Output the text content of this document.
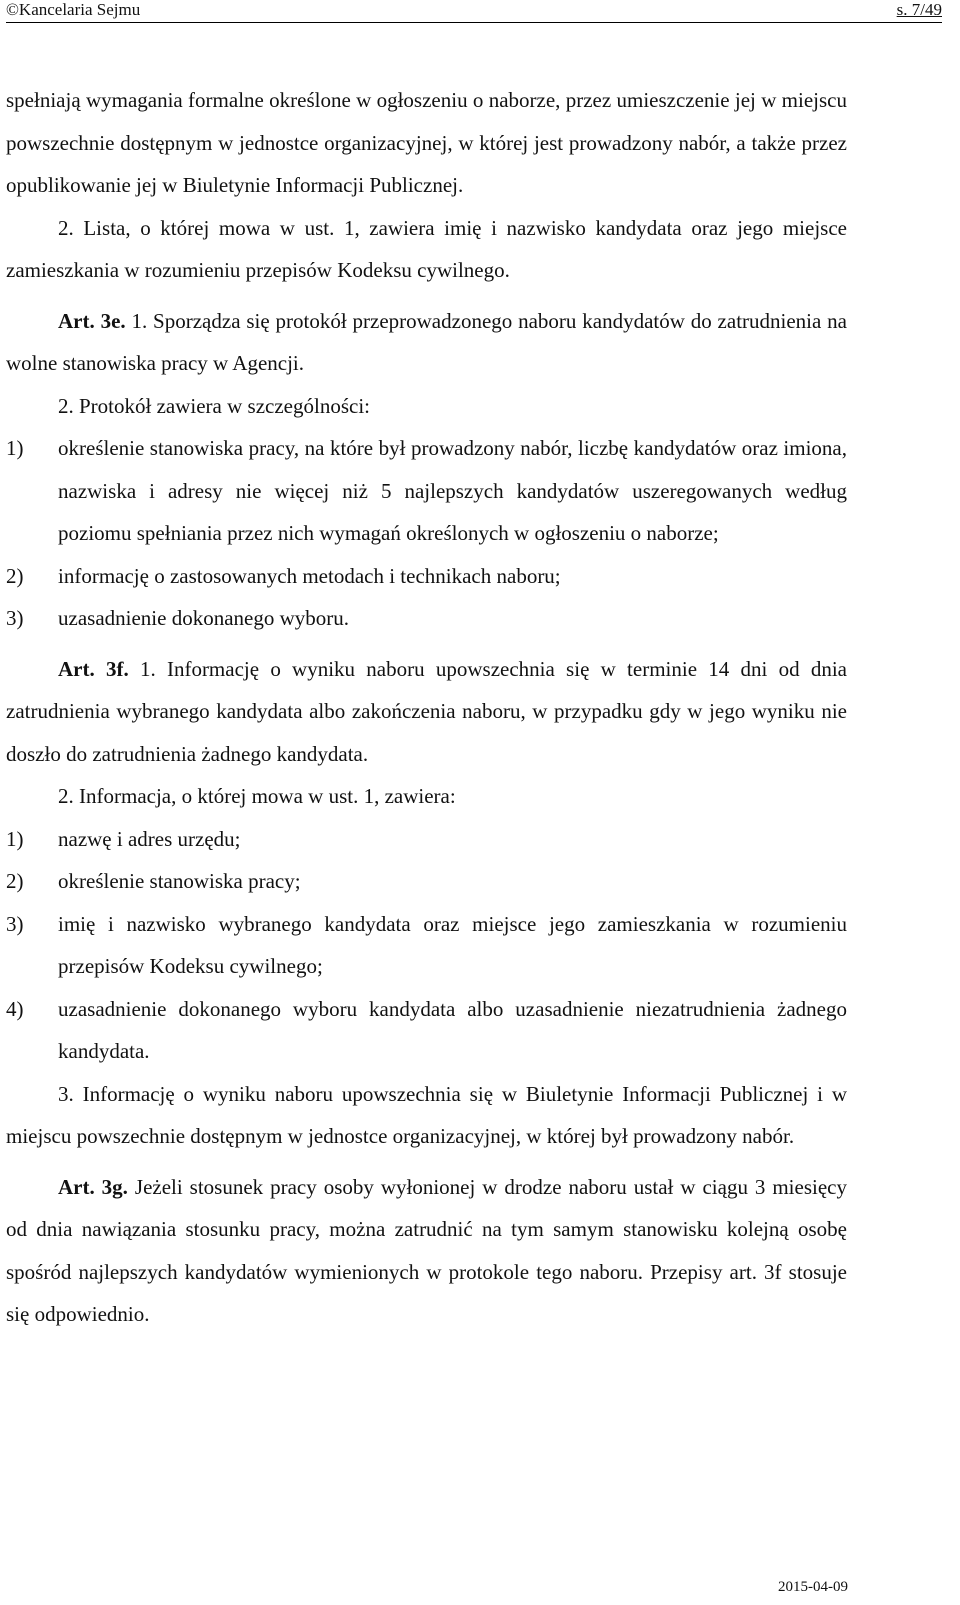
©Kancelaria Sejmu	s. 7/49

spełniają wymagania formalne określone w ogłoszeniu o naborze, przez umieszczenie jej w miejscu powszechnie dostępnym w jednostce organizacyjnej, w której jest prowadzony nabór, a także przez opublikowanie jej w Biuletynie Informacji Publicznej.

2. Lista, o której mowa w ust. 1, zawiera imię i nazwisko kandydata oraz jego miejsce zamieszkania w rozumieniu przepisów Kodeksu cywilnego.

Art. 3e. 1. Sporządza się protokół przeprowadzonego naboru kandydatów do zatrudnienia na wolne stanowiska pracy w Agencji.

2. Protokół zawiera w szczególności:

1) określenie stanowiska pracy, na które był prowadzony nabór, liczbę kandydatów oraz imiona, nazwiska i adresy nie więcej niż 5 najlepszych kandydatów uszeregowanych według poziomu spełniania przez nich wymagań określonych w ogłoszeniu o naborze;
2) informację o zastosowanych metodach i technikach naboru;
3) uzasadnienie dokonanego wyboru.

Art. 3f. 1. Informację o wyniku naboru upowszechnia się w terminie 14 dni od dnia zatrudnienia wybranego kandydata albo zakończenia naboru, w przypadku gdy w jego wyniku nie doszło do zatrudnienia żadnego kandydata.

2. Informacja, o której mowa w ust. 1, zawiera:

1) nazwę i adres urzędu;
2) określenie stanowiska pracy;
3) imię i nazwisko wybranego kandydata oraz miejsce jego zamieszkania w rozumieniu przepisów Kodeksu cywilnego;
4) uzasadnienie dokonanego wyboru kandydata albo uzasadnienie niezatrudnienia żadnego kandydata.

3. Informację o wyniku naboru upowszechnia się w Biuletynie Informacji Publicznej i w miejscu powszechnie dostępnym w jednostce organizacyjnej, w której był prowadzony nabór.

Art. 3g. Jeżeli stosunek pracy osoby wyłonionej w drodze naboru ustał w ciągu 3 miesięcy od dnia nawiązania stosunku pracy, można zatrudnić na tym samym stanowisku kolejną osobę spośród najlepszych kandydatów wymienionych w protokole tego naboru. Przepisy art. 3f stosuje się odpowiednio.

2015-04-09
